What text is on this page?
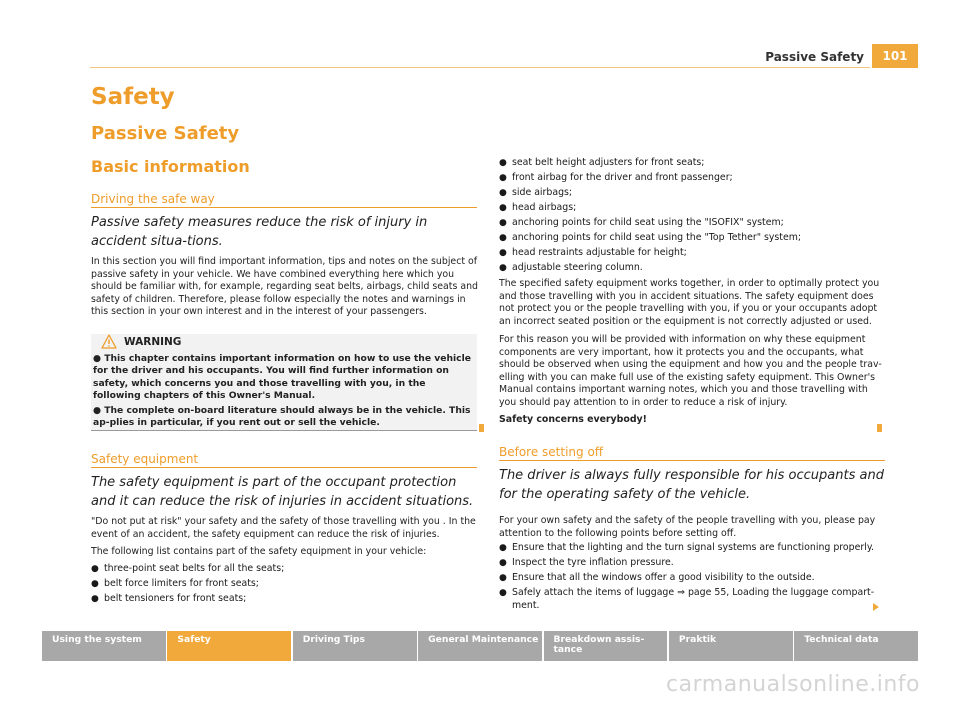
Passive Safety 101
Safety
Passive Safety
Basic information
Driving the safe way

Passive safety measures reduce the risk of injury in accident situa-tions.

In this section you will find important information, tips and notes on the subject of passive safety in your vehicle. We have combined everything here which you should be familiar with, for example, regarding seat belts, airbags, child seats and safety of children. Therefore, please follow especially the notes and warnings in this section in your own interest and in the interest of your passengers.

WARNING

● This chapter contains important information on how to use the vehicle for the driver and his occupants. You will find further information on safety, which concerns you and those travelling with you, in the following chapters of this Owner's Manual.

● The complete on-board literature should always be in the vehicle. This ap-plies in particular, if you rent out or sell the vehicle.

Safety equipment

The safety equipment is part of the occupant protection and it can reduce the risk of injuries in accident situations.

"Do not put at risk" your safety and the safety of those travelling with you . In the event of an accident, the safety equipment can reduce the risk of injuries.

The following list contains part of the safety equipment in your vehicle:

● three-point seat belts for all the seats;
● belt force limiters for front seats;
● belt tensioners for front seats;
● seat belt height adjusters for front seats;
● front airbag for the driver and front passenger;
● side airbags;
● head airbags;
● anchoring points for child seat using the "ISOFIX" system;
● anchoring points for child seat using the "Top Tether" system;
● head restraints adjustable for height;
● adjustable steering column.

The specified safety equipment works together, in order to optimally protect you and those travelling with you in accident situations. The safety equipment does not protect you or the people travelling with you, if you or your occupants adopt an incorrect seated position or the equipment is not correctly adjusted or used.

For this reason you will be provided with information on why these equipment components are very important, how it protects you and the occupants, what should be observed when using the equipment and how you and the people trav-elling with you can make full use of the existing safety equipment. This Owner's Manual contains important warning notes, which you and those travelling with you should pay attention to in order to reduce a risk of injury.

Safety concerns everybody!

Before setting off

The driver is always fully responsible for his occupants and for the operating safety of the vehicle.

For your own safety and the safety of the people travelling with you, please pay attention to the following points before setting off.

● Ensure that the lighting and the turn signal systems are functioning properly.
● Inspect the tyre inflation pressure.
● Ensure that all the windows offer a good visibility to the outside.
● Safely attach the items of luggage ⇒ page 55, Loading the luggage compart-ment.
Using the system	Safety	Driving Tips	General Maintenance	Breakdown assis-tance
Praktik	Technical data
carmanualsonline.info
